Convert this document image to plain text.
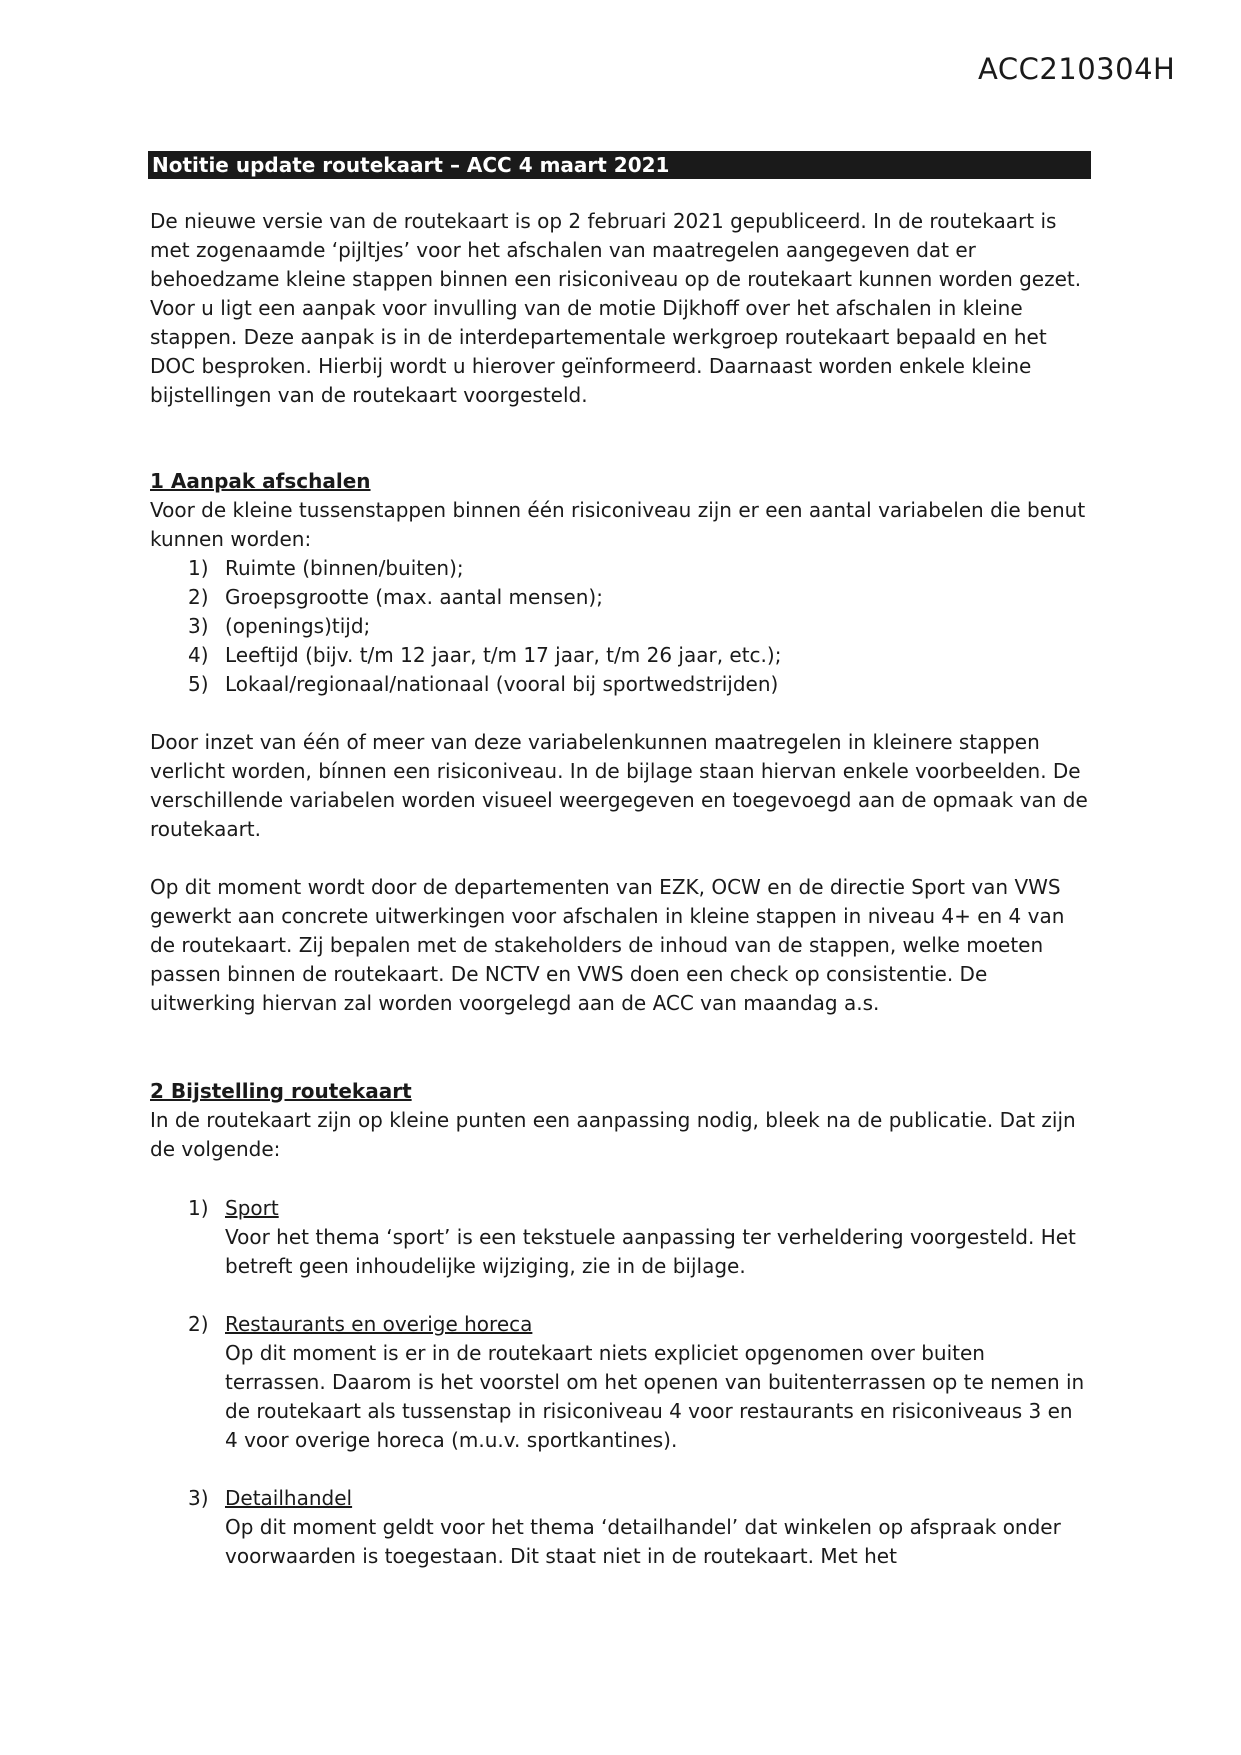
ACC210304H
Notitie update routekaart – ACC 4 maart 2021

De nieuwe versie van de routekaart is op 2 februari 2021 gepubliceerd. In de routekaart is met zogenaamde ‘pijltjes’ voor het afschalen van maatregelen aangegeven dat er behoedzame kleine stappen binnen een risiconiveau op de routekaart kunnen worden gezet. Voor u ligt een aanpak voor invulling van de motie Dijkhoff over het afschalen in kleine stappen. Deze aanpak is in de interdepartementale werkgroep routekaart bepaald en het DOC besproken. Hierbij wordt u hierover geïnformeerd. Daarnaast worden enkele kleine bijstellingen van de routekaart voorgesteld.

1 Aanpak afschalen

Voor de kleine tussenstappen binnen één risiconiveau zijn er een aantal variabelen die benut kunnen worden:

1) Ruimte (binnen/buiten);
2) Groepsgrootte (max. aantal mensen);
3) (openings)tijd;
4) Leeftijd (bijv. t/m 12 jaar, t/m 17 jaar, t/m 26 jaar, etc.);
5) Lokaal/regionaal/nationaal (vooral bij sportwedstrijden)

Door inzet van één of meer van deze variabelenkunnen maatregelen in kleinere stappen verlicht worden, bínnen een risiconiveau. In de bijlage staan hiervan enkele voorbeelden. De verschillende variabelen worden visueel weergegeven en toegevoegd aan de opmaak van de routekaart.

Op dit moment wordt door de departementen van EZK, OCW en de directie Sport van VWS gewerkt aan concrete uitwerkingen voor afschalen in kleine stappen in niveau 4+ en 4 van de routekaart. Zij bepalen met de stakeholders de inhoud van de stappen, welke moeten passen binnen de routekaart. De NCTV en VWS doen een check op consistentie. De uitwerking hiervan zal worden voorgelegd aan de ACC van maandag a.s.

2 Bijstelling routekaart

In de routekaart zijn op kleine punten een aanpassing nodig, bleek na de publicatie. Dat zijn de volgende:

1) Sport
Voor het thema ‘sport’ is een tekstuele aanpassing ter verheldering voorgesteld. Het betreft geen inhoudelijke wijziging, zie in de bijlage.
2) Restaurants en overige horeca
Op dit moment is er in de routekaart niets expliciet opgenomen over buiten terrassen. Daarom is het voorstel om het openen van buitenterrassen op te nemen in de routekaart als tussenstap in risiconiveau 4 voor restaurants en risiconiveaus 3 en 4 voor overige horeca (m.u.v. sportkantines).
3) Detailhandel
Op dit moment geldt voor het thema ‘detailhandel’ dat winkelen op afspraak onder voorwaarden is toegestaan. Dit staat niet in de routekaart. Met het
